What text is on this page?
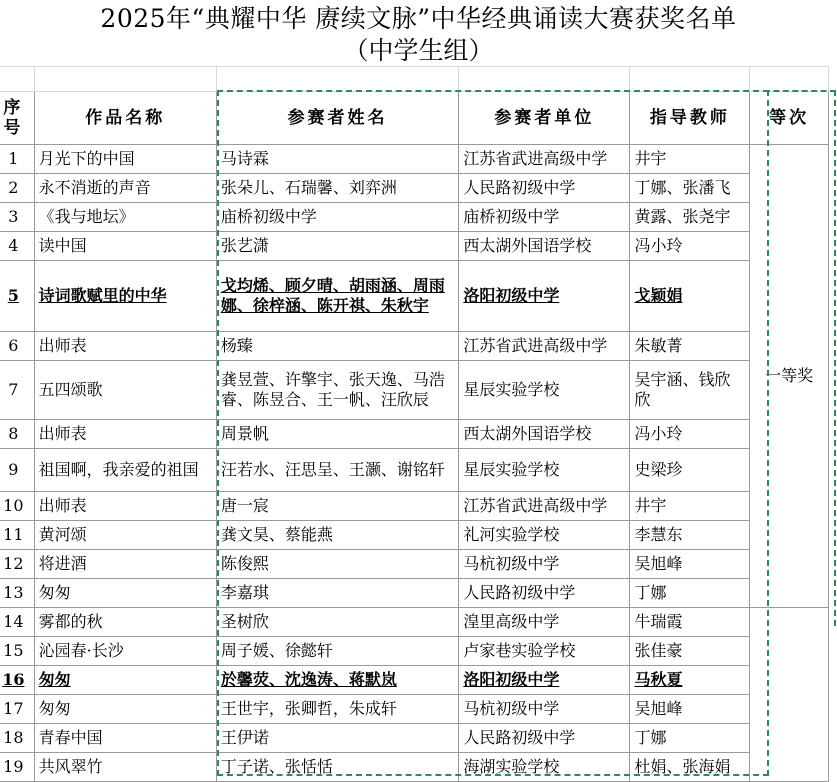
2025年“典耀中华 赓续文脉”中华经典诵读大赛获奖名单
（中学生组）

序号	作品名称	参赛者姓名	参赛者单位	指导教师	等次
1	月光下的中国	马诗霖	江苏省武进高级中学	井宇	一等奖
2	永不消逝的声音	张朵儿、石瑞馨、刘弈洲	人民路初级中学	丁娜、张潘飞	
3	《我与地坛》	庙桥初级中学	庙桥初级中学	黄露、张尧宇	
4	读中国	张艺潇	西太湖外国语学校	冯小玲	
5	诗词歌赋里的中华	戈均烯、顾夕晴、胡雨涵、周雨娜、徐梓涵、陈开祺、朱秋宇	洛阳初级中学	戈颖娟	
6	出师表	杨臻	江苏省武进高级中学	朱敏菁	
7	五四颂歌	龚昱萱、许擎宇、张天逸、马浩睿、陈昱合、王一帆、汪欣辰	星辰实验学校	吴宇涵、钱欣欣	
8	出师表	周景帆	西太湖外国语学校	冯小玲	
9	祖国啊，我亲爱的祖国	汪若水、汪思呈、王灏、谢铭轩	星辰实验学校	史梁珍	
10	出师表	唐一宸	江苏省武进高级中学	井宇	
11	黄河颂	龚文昊、蔡能燕	礼河实验学校	李慧东	
12	将进酒	陈俊熙	马杭初级中学	吴旭峰	
13	匆匆	李嘉琪	人民路初级中学	丁娜	
14	雾都的秋	圣树欣	湟里高级中学	牛瑞霞	
15	沁园春·长沙	周子媛、徐懿轩	卢家巷实验学校	张佳豪	
16	匆匆	於馨荧、沈逸涛、蒋默岚	洛阳初级中学	马秋夏	
17	匆匆	王世宇，张卿哲，朱成轩	马杭初级中学	吴旭峰	
18	青春中国	王伊诺	人民路初级中学	丁娜	
19	共风翠竹	丁子诺、张恬恬	海湖实验学校	杜娟、张海娟	
